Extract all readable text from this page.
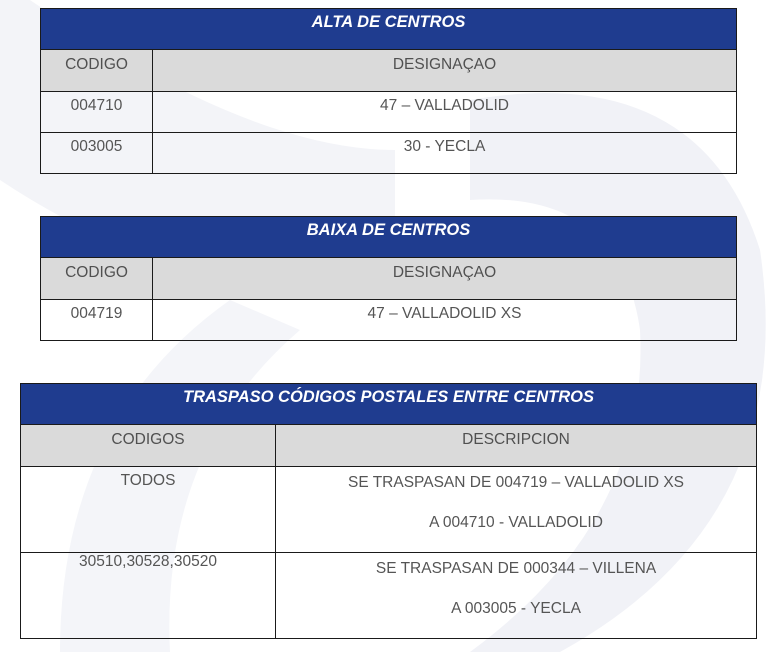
ALTA DE CENTROS	
CODIGO	DESIGNAÇAO
004710	47 – VALLADOLID
003005	30 - YECLA
BAIXA DE CENTROS	
CODIGO	DESIGNAÇAO
004719	47 – VALLADOLID XS
TRASPASO CÓDIGOS POSTALES ENTRE CENTROS	
CODIGOS	DESCRIPCION
TODOS	SE TRASPASAN DE 004719 – VALLADOLID XS
A 004710 - VALLADOLID

30510,30528,30520	SE TRASPASAN DE 000344 – VILLENA
A 003005 - YECLA
